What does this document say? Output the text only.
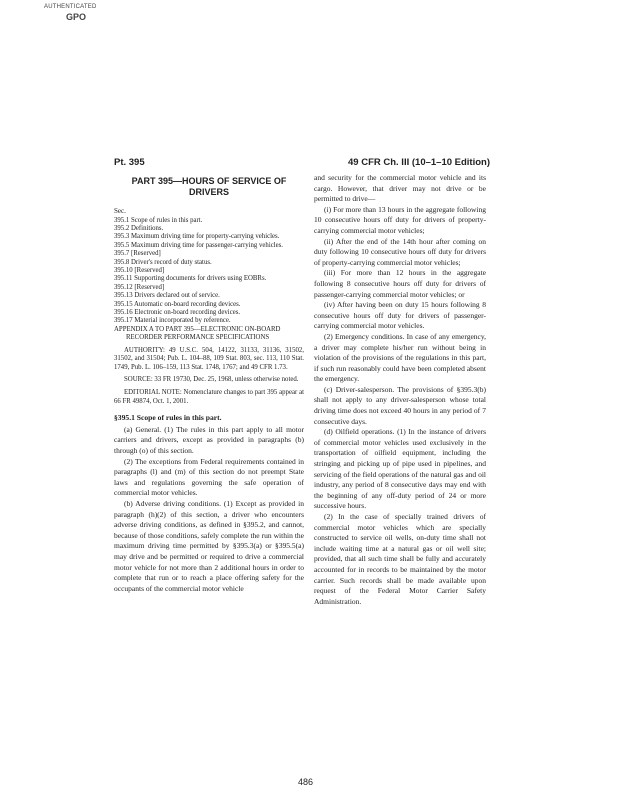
AUTHENTICATED
GPO
Pt. 395	49 CFR Ch. III (10–1–10 Edition)
PART 395—HOURS OF SERVICE OF DRIVERS
Sec.
395.1 Scope of rules in this part.
395.2 Definitions.
395.3 Maximum driving time for property-carrying vehicles.
395.5 Maximum driving time for passenger-carrying vehicles.
395.7 [Reserved]
395.8 Driver's record of duty status.
395.10 [Reserved]
395.11 Supporting documents for drivers using EOBRs.
395.12 [Reserved]
395.13 Drivers declared out of service.
395.15 Automatic on-board recording devices.
395.16 Electronic on-board recording devices.
395.17 Material incorporated by reference.
APPENDIX A TO PART 395—ELECTRONIC ON-BOARD RECORDER PERFORMANCE SPECIFICATIONS

AUTHORITY: 49 U.S.C. 504, 14122, 31133, 31136, 31502, 31502, and 31504; Pub. L. 104–88, 109 Stat. 803, sec. 113, 110 Stat. 1749, Pub. L. 106–159, 113 Stat. 1748, 1767; and 49 CFR 1.73.

SOURCE: 33 FR 19730, Dec. 25, 1968, unless otherwise noted.

EDITORIAL NOTE: Nomenclature changes to part 395 appear at 66 FR 49874, Oct. 1, 2001.

§395.1 Scope of rules in this part.

(a) General. (1) The rules in this part apply to all motor carriers and drivers, except as provided in paragraphs (b) through (o) of this section.

(2) The exceptions from Federal requirements contained in paragraphs (l) and (m) of this section do not preempt State laws and regulations governing the safe operation of commercial motor vehicles.

(b) Adverse driving conditions. (1) Except as provided in paragraph (h)(2) of this section, a driver who encounters adverse driving conditions, as defined in §395.2, and cannot, because of those conditions, safely complete the run within the maximum driving time permitted by §395.3(a) or §395.5(a) may drive and be permitted or required to drive a commercial motor vehicle for not more than 2 additional hours in order to complete that run or to reach a place offering safety for the occupants of the commercial motor vehicle

and security for the commercial motor vehicle and its cargo. However, that driver may not drive or be permitted to drive—

(i) For more than 13 hours in the aggregate following 10 consecutive hours off duty for drivers of property-carrying commercial motor vehicles;

(ii) After the end of the 14th hour after coming on duty following 10 consecutive hours off duty for drivers of property-carrying commercial motor vehicles;

(iii) For more than 12 hours in the aggregate following 8 consecutive hours off duty for drivers of passenger-carrying commercial motor vehicles; or

(iv) After having been on duty 15 hours following 8 consecutive hours off duty for drivers of passenger-carrying commercial motor vehicles.

(2) Emergency conditions. In case of any emergency, a driver may complete his/her run without being in violation of the provisions of the regulations in this part, if such run reasonably could have been completed absent the emergency.

(c) Driver-salesperson. The provisions of §395.3(b) shall not apply to any driver-salesperson whose total driving time does not exceed 40 hours in any period of 7 consecutive days.

(d) Oilfield operations. (1) In the instance of drivers of commercial motor vehicles used exclusively in the transportation of oilfield equipment, including the stringing and picking up of pipe used in pipelines, and servicing of the field operations of the natural gas and oil industry, any period of 8 consecutive days may end with the beginning of any off-duty period of 24 or more successive hours.

(2) In the case of specially trained drivers of commercial motor vehicles which are specially constructed to service oil wells, on-duty time shall not include waiting time at a natural gas or oil well site; provided, that all such time shall be fully and accurately accounted for in records to be maintained by the motor carrier. Such records shall be made available upon request of the Federal Motor Carrier Safety Administration.

486
